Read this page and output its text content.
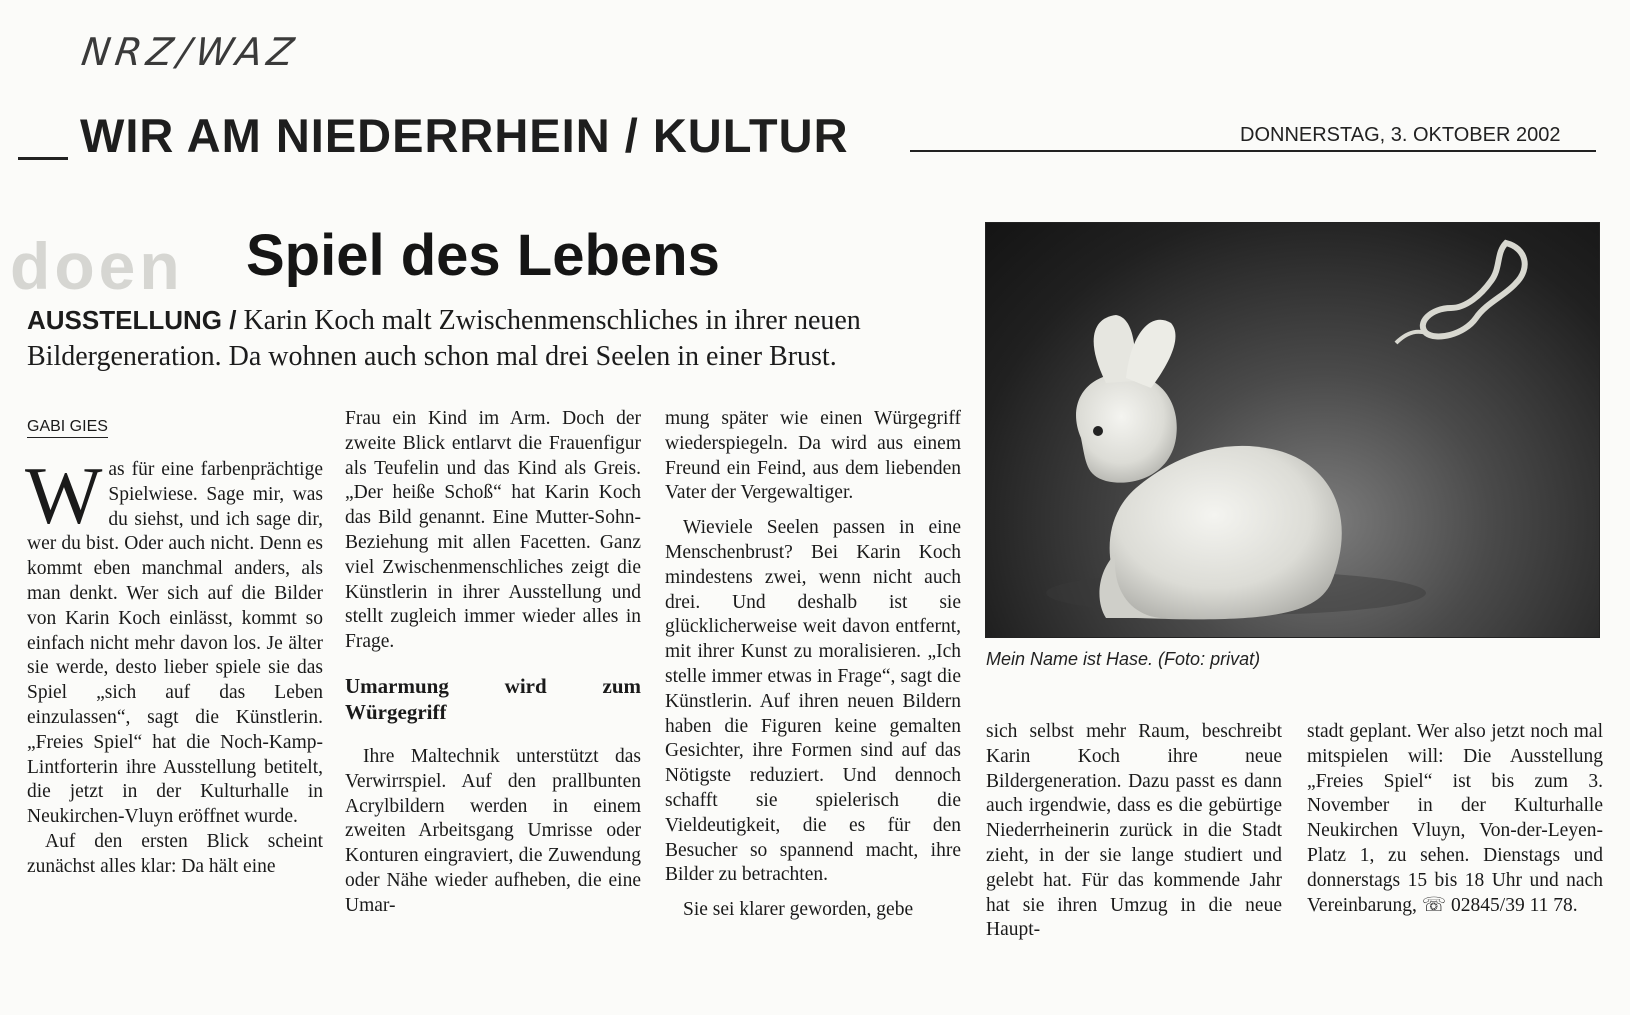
NRZ/WAZ
WIR AM NIEDERRHEIN / KULTUR	DONNERSTAG, 3. OKTOBER 2002
doen Spiel des Lebens
AUSSTELLUNG / Karin Koch malt Zwischenmenschliches in ihrer neuen Bildergeneration. Da wohnen auch schon mal drei Seelen in einer Brust.
GABI GIES

Was für eine farbenprächtige Spielwiese. Sage mir, was du siehst, und ich sage dir, wer du bist. Oder auch nicht. Denn es kommt eben manchmal anders, als man denkt. Wer sich auf die Bilder von Karin Koch einlässt, kommt so einfach nicht mehr davon los. Je älter sie werde, desto lieber spiele sie das Spiel „sich auf das Leben einzulassen“, sagt die Künstlerin. „Freies Spiel“ hat die Noch-Kamp-Lintforterin ihre Ausstellung betitelt, die jetzt in der Kulturhalle in Neukirchen-Vluyn eröffnet wurde.

Auf den ersten Blick scheint zunächst alles klar: Da hält eine

Frau ein Kind im Arm. Doch der zweite Blick entlarvt die Frauenfigur als Teufelin und das Kind als Greis. „Der heiße Schoß“ hat Karin Koch das Bild genannt. Eine Mutter-Sohn-Beziehung mit allen Facetten. Ganz viel Zwischenmenschliches zeigt die Künstlerin in ihrer Ausstellung und stellt zugleich immer wieder alles in Frage.

Umarmung wird zum Würgegriff

Ihre Maltechnik unterstützt das Verwirrspiel. Auf den prallbunten Acrylbildern werden in einem zweiten Arbeitsgang Umrisse oder Konturen eingraviert, die Zuwendung oder Nähe wieder aufheben, die eine Umar-

mung später wie einen Würgegriff wiederspiegeln. Da wird aus einem Freund ein Feind, aus dem liebenden Vater der Vergewaltiger.

Wieviele Seelen passen in eine Menschenbrust? Bei Karin Koch mindestens zwei, wenn nicht auch drei. Und deshalb ist sie glücklicherweise weit davon entfernt, mit ihrer Kunst zu moralisieren. „Ich stelle immer etwas in Frage“, sagt die Künstlerin. Auf ihren neuen Bildern haben die Figuren keine gemalten Gesichter, ihre Formen sind auf das Nötigste reduziert. Und dennoch schafft sie spielerisch die Vieldeutigkeit, die es für den Besucher so spannend macht, ihre Bilder zu betrachten.

Sie sei klarer geworden, gebe

Mein Name ist Hase. (Foto: privat)

sich selbst mehr Raum, beschreibt Karin Koch ihre neue Bildergeneration. Dazu passt es dann auch irgendwie, dass es die gebürtige Niederrheinerin zurück in die Stadt zieht, in der sie lange studiert und gelebt hat. Für das kommende Jahr hat sie ihren Umzug in die neue Haupt-

stadt geplant. Wer also jetzt noch mal mitspielen will: Die Ausstellung „Freies Spiel“ ist bis zum 3. November in der Kulturhalle Neukirchen Vluyn, Von-der-Leyen-Platz 1, zu sehen. Dienstags und donnerstags 15 bis 18 Uhr und nach Vereinbarung, ☏ 02845/39 11 78.
